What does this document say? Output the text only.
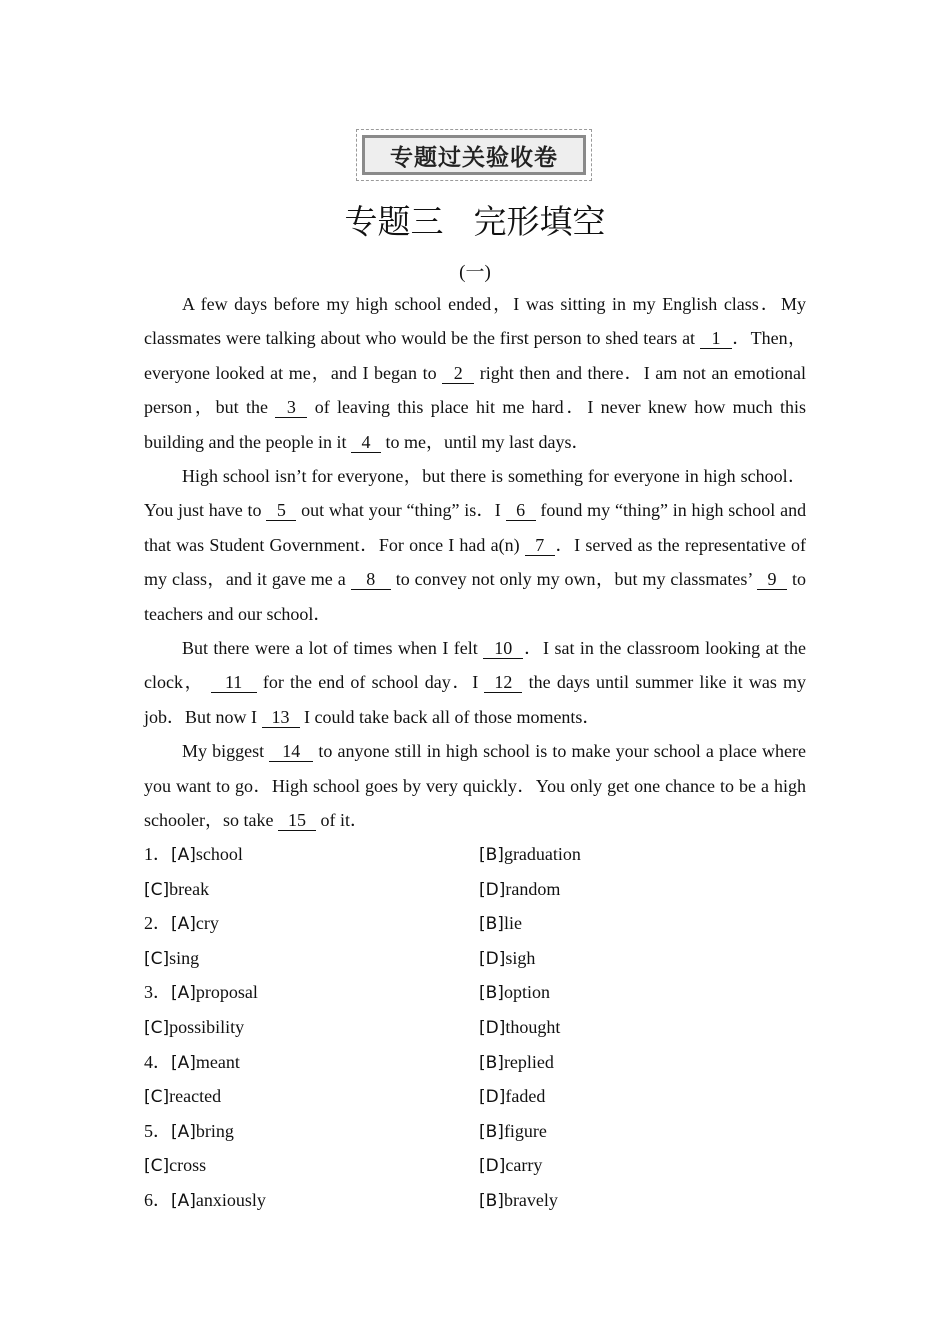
专题过关验收卷
专题三 完形填空
(一)

A few days before my high school ended，I was sitting in my English class．My classmates were talking about who would be the first person to shed tears at 1 ．Then，everyone looked at me，and I began to 2 right then and there．I am not an emotional person，but the 3 of leaving this place hit me hard．I never knew how much this building and the people in it 4 to me，until my last days．

High school isn’t for everyone，but there is something for everyone in high school．You just have to 5 out what your “thing” is．I 6 found my “thing” in high school and that was Student Government．For once I had a(n) 7 ．I served as the representative of my class，and it gave me a 8 to convey not only my own，but my classmates’ 9 to teachers and our school．

But there were a lot of times when I felt 10 ．I sat in the classroom looking at the clock， 11 for the end of school day．I 12 the days until summer like it was my job．But now I 13 I could take back all of those moments．

My biggest 14 to anyone still in high school is to make your school a place where you want to go．High school goes by very quickly．You only get one chance to be a high schooler，so take 15 of it．

1．[A]school	[B]graduation
[C]break	[D]random
2．[A]cry	[B]lie
[C]sing	[D]sigh
3．[A]proposal	[B]option
[C]possibility	[D]thought
4．[A]meant	[B]replied
[C]reacted	[D]faded
5．[A]bring	[B]figure
[C]cross	[D]carry
6．[A]anxiously	[B]bravely
